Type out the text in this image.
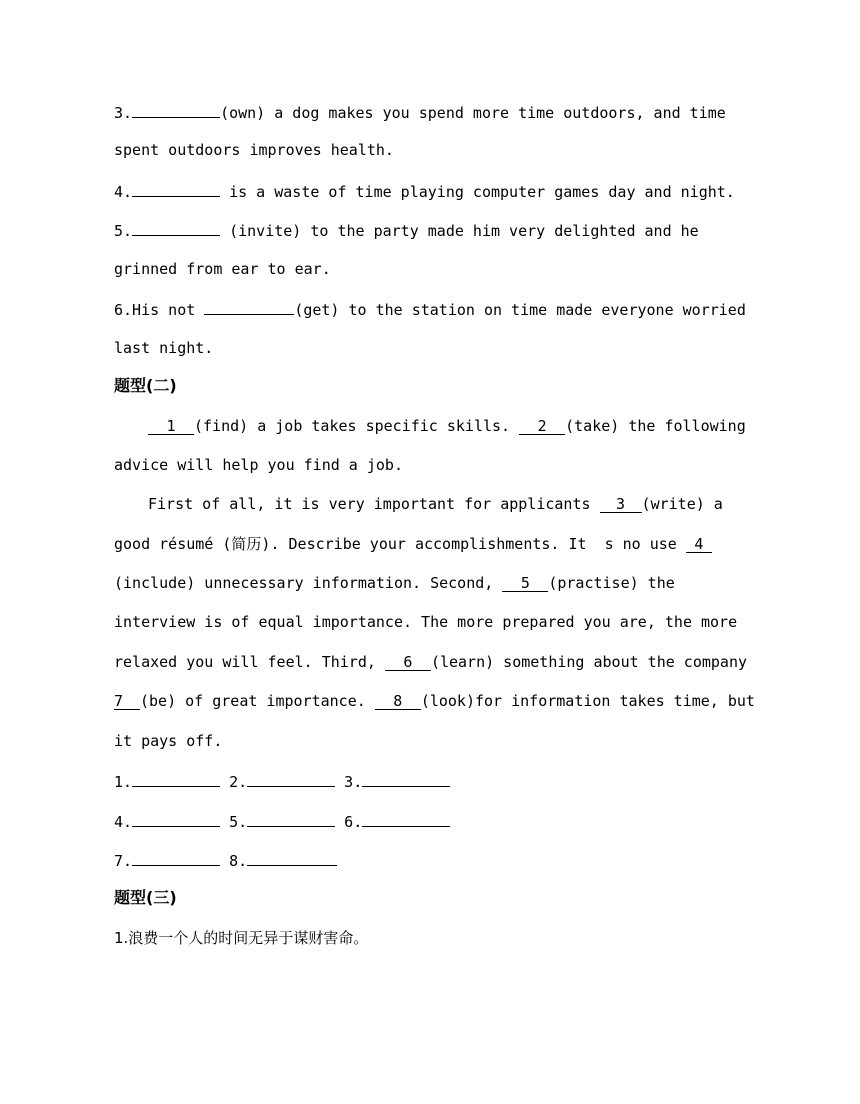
3.	(own) a dog makes you spend more time outdoors, and time
spent outdoors improves health.
4.	is a waste of time playing computer games day and night.
5.	(invite) to the party made him very delighted and he
grinned from ear to ear.
6.His not	(get) to the station on time made everyone worried
last night.
题型(二)
1 (find) a job takes specific skills. 2 (take) the following
advice will help you find a job.
First of all, it is very important for applicants 3 (write) a
good résumé (简历). Describe your accomplishments. It  s no use 4
(include) unnecessary information. Second, 5 (practise) the
interview is of equal importance. The more prepared you are, the more
relaxed you will feel. Third, 6 (learn) something about the company
7 (be) of great importance. 8 (look)for information takes time, but
it pays off.
1.	2.	3.
4.	5.	6.
7.	8.
题型(三)
1.浪费一个人的时间无异于谋财害命。
